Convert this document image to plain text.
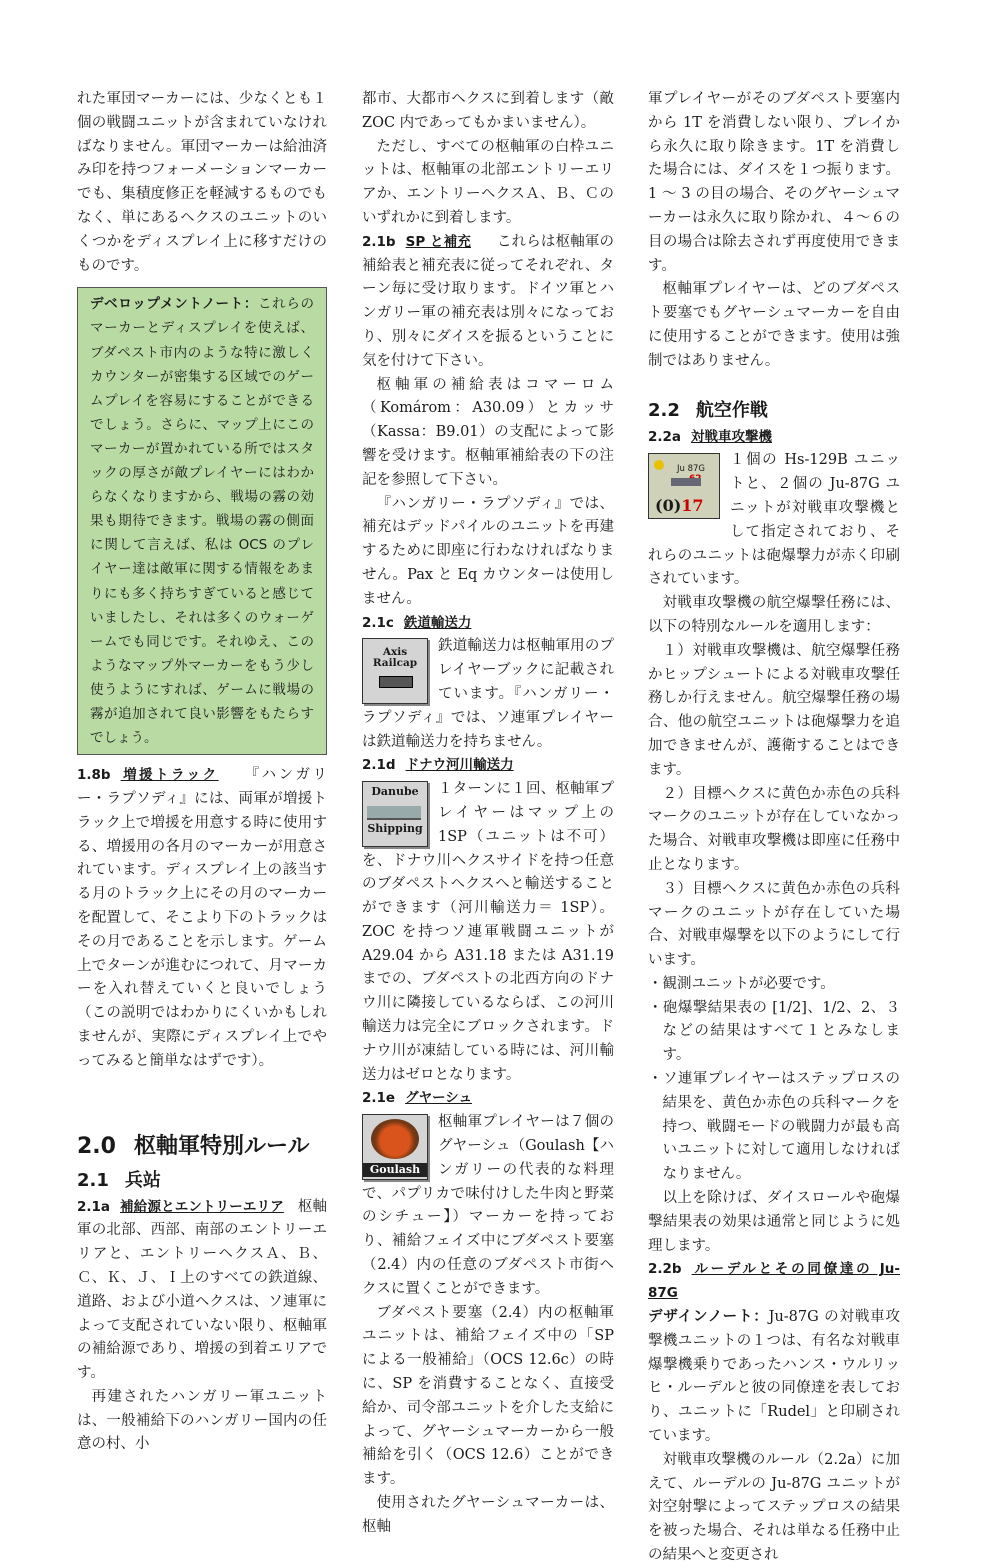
れた軍団マーカーには、少なくとも１個の戦闘ユニットが含まれていなければなりません。軍団マーカーは給油済み印を持つフォーメーションマーカーでも、集積度修正を軽減するものでもなく、単にあるヘクスのユニットのいくつかをディスプレイ上に移すだけのものです。

デベロップメントノート：これらのマーカーとディスプレイを使えば、ブダペスト市内のような特に激しくカウンターが密集する区域でのゲームプレイを容易にすることができるでしょう。さらに、マップ上にこのマーカーが置かれている所ではスタックの厚さが敵プレイヤーにはわからなくなりますから、戦場の霧の効果も期待できます。戦場の霧の側面に関して言えば、私は OCS のプレイヤー達は敵軍に関する情報をあまりにも多く持ちすぎていると感じていましたし、それは多くのウォーゲームでも同じです。それゆえ、このようなマップ外マーカーをもう少し使うようにすれば、ゲームに戦場の霧が追加されて良い影響をもたらすでしょう。

1.8b 増援トラック 『ハンガリー・ラプソディ』には、両軍が増援トラック上で増援を用意する時に使用する、増援用の各月のマーカーが用意されています。ディスプレイ上の該当する月のトラック上にその月のマーカーを配置して、そこより下のトラックはその月であることを示します。ゲーム上でターンが進むにつれて、月マーカーを入れ替えていくと良いでしょう（この説明ではわかりにくいかもしれませんが、実際にディスプレイ上でやってみると簡単なはずです）。

2.0 枢軸軍特別ルール
2.1 兵站

2.1a 補給源とエントリーエリア 枢軸軍の北部、西部、南部のエントリーエリアと、エントリーヘクスＡ、Ｂ、Ｃ、Ｋ、Ｊ、Ｉ上のすべての鉄道線、道路、および小道ヘクスは、ソ連軍によって支配されていない限り、枢軸軍の補給源であり、増援の到着エリアです。

再建されたハンガリー軍ユニットは、一般補給下のハンガリー国内の任意の村、小

都市、大都市ヘクスに到着します（敵 ZOC 内であってもかまいません）。

ただし、すべての枢軸軍の白枠ユニットは、枢軸軍の北部エントリーエリアか、エントリーヘクスＡ、Ｂ、Ｃのいずれかに到着します。

2.1b SP と補充 これらは枢軸軍の補給表と補充表に従ってそれぞれ、ターン毎に受け取ります。ドイツ軍とハンガリー軍の補充表は別々になっており、別々にダイスを振るということに気を付けて下さい。

枢軸軍の補給表はコマーロム（Komárom：A30.09）とカッサ（Kassa：B9.01）の支配によって影響を受けます。枢軸軍補給表の下の注記を参照して下さい。

『ハンガリー・ラプソディ』では、補充はデッドパイルのユニットを再建するために即座に行わなければなりません。Pax と Eq カウンターは使用しません。

2.1c 鉄道輸送力

Axis
Railcap

鉄道輸送力は枢軸軍用のプレイヤーブックに記載されています。『ハンガリー・ラプソディ』では、ソ連軍プレイヤーは鉄道輸送力を持ちません。

2.1d ドナウ河川輸送力

Danube
Shipping

１ターンに１回、枢軸軍プレイヤーはマップ上の 1SP（ユニットは不可）を、ドナウ川ヘクスサイドを持つ任意のブダペストヘクスへと輸送することができます（河川輸送力＝ 1SP）。ZOC を持つソ連軍戦闘ユニットが A29.04 から A31.18 または A31.19 までの、ブダペストの北西方向のドナウ川に隣接しているならば、この河川輸送力は完全にブロックされます。ドナウ川が凍結している時には、河川輸送力はゼロとなります。

2.1e グヤーシュ

Goulash

枢軸軍プレイヤーは７個のグヤーシュ（Goulash【ハンガリーの代表的な料理で、パプリカで味付けした牛肉と野菜のシチュー】）マーカーを持っており、補給フェイズ中にブダペスト要塞（2.4）内の任意のブダペスト市街ヘクスに置くことができます。

ブダペスト要塞（2.4）内の枢軸軍ユニットは、補給フェイズ中の「SP による一般補給」（OCS 12.6c）の時に、SP を消費することなく、直接受給か、司令部ユニットを介した支給によって、グヤーシュマーカーから一般補給を引く（OCS 12.6）ことができます。

使用されたグヤーシュマーカーは、枢軸

軍プレイヤーがそのブダペスト要塞内から 1T を消費しない限り、プレイから永久に取り除きます。1T を消費した場合には、ダイスを１つ振ります。1 ～ 3 の目の場合、そのグヤーシュマーカーは永久に取り除かれ、４～６の目の場合は除去されず再度使用できます。

枢軸軍プレイヤーは、どのブダペスト要塞でもグヤーシュマーカーを自由に使用することができます。使用は強制ではありません。

2.2 航空作戦

2.2a 対戦車攻撃機

Ju 87G
(0)17

１個の Hs-129B ユニットと、２個の Ju-87G ユニットが対戦車攻撃機として指定されており、それらのユニットは砲爆撃力が赤く印刷されています。

対戦車攻撃機の航空爆撃任務には、以下の特別なルールを適用します：

１）対戦車攻撃機は、航空爆撃任務かヒップシュートによる対戦車攻撃任務しか行えません。航空爆撃任務の場合、他の航空ユニットは砲爆撃力を追加できませんが、護衛することはできます。

２）目標ヘクスに黄色か赤色の兵科マークのユニットが存在していなかった場合、対戦車攻撃機は即座に任務中止となります。

３）目標ヘクスに黄色か赤色の兵科マークのユニットが存在していた場合、対戦車爆撃を以下のようにして行います。

・観測ユニットが必要です。

・砲爆撃結果表の [1/2]、1/2、2、３などの結果はすべて１とみなします。

・ソ連軍プレイヤーはステップロスの結果を、黄色か赤色の兵科マークを持つ、戦闘モードの戦闘力が最も高いユニットに対して適用しなければなりません。

以上を除けば、ダイスロールや砲爆撃結果表の効果は通常と同じように処理します。

2.2b ルーデルとその同僚達の Ju-87G

デザインノート：Ju-87G の対戦車攻撃機ユニットの１つは、有名な対戦車爆撃機乗りであったハンス・ウルリッヒ・ルーデルと彼の同僚達を表しており、ユニットに「Rudel」と印刷されています。

対戦車攻撃機のルール（2.2a）に加えて、ルーデルの Ju-87G ユニットが対空射撃によってステップロスの結果を被った場合、それは単なる任務中止の結果へと変更され
